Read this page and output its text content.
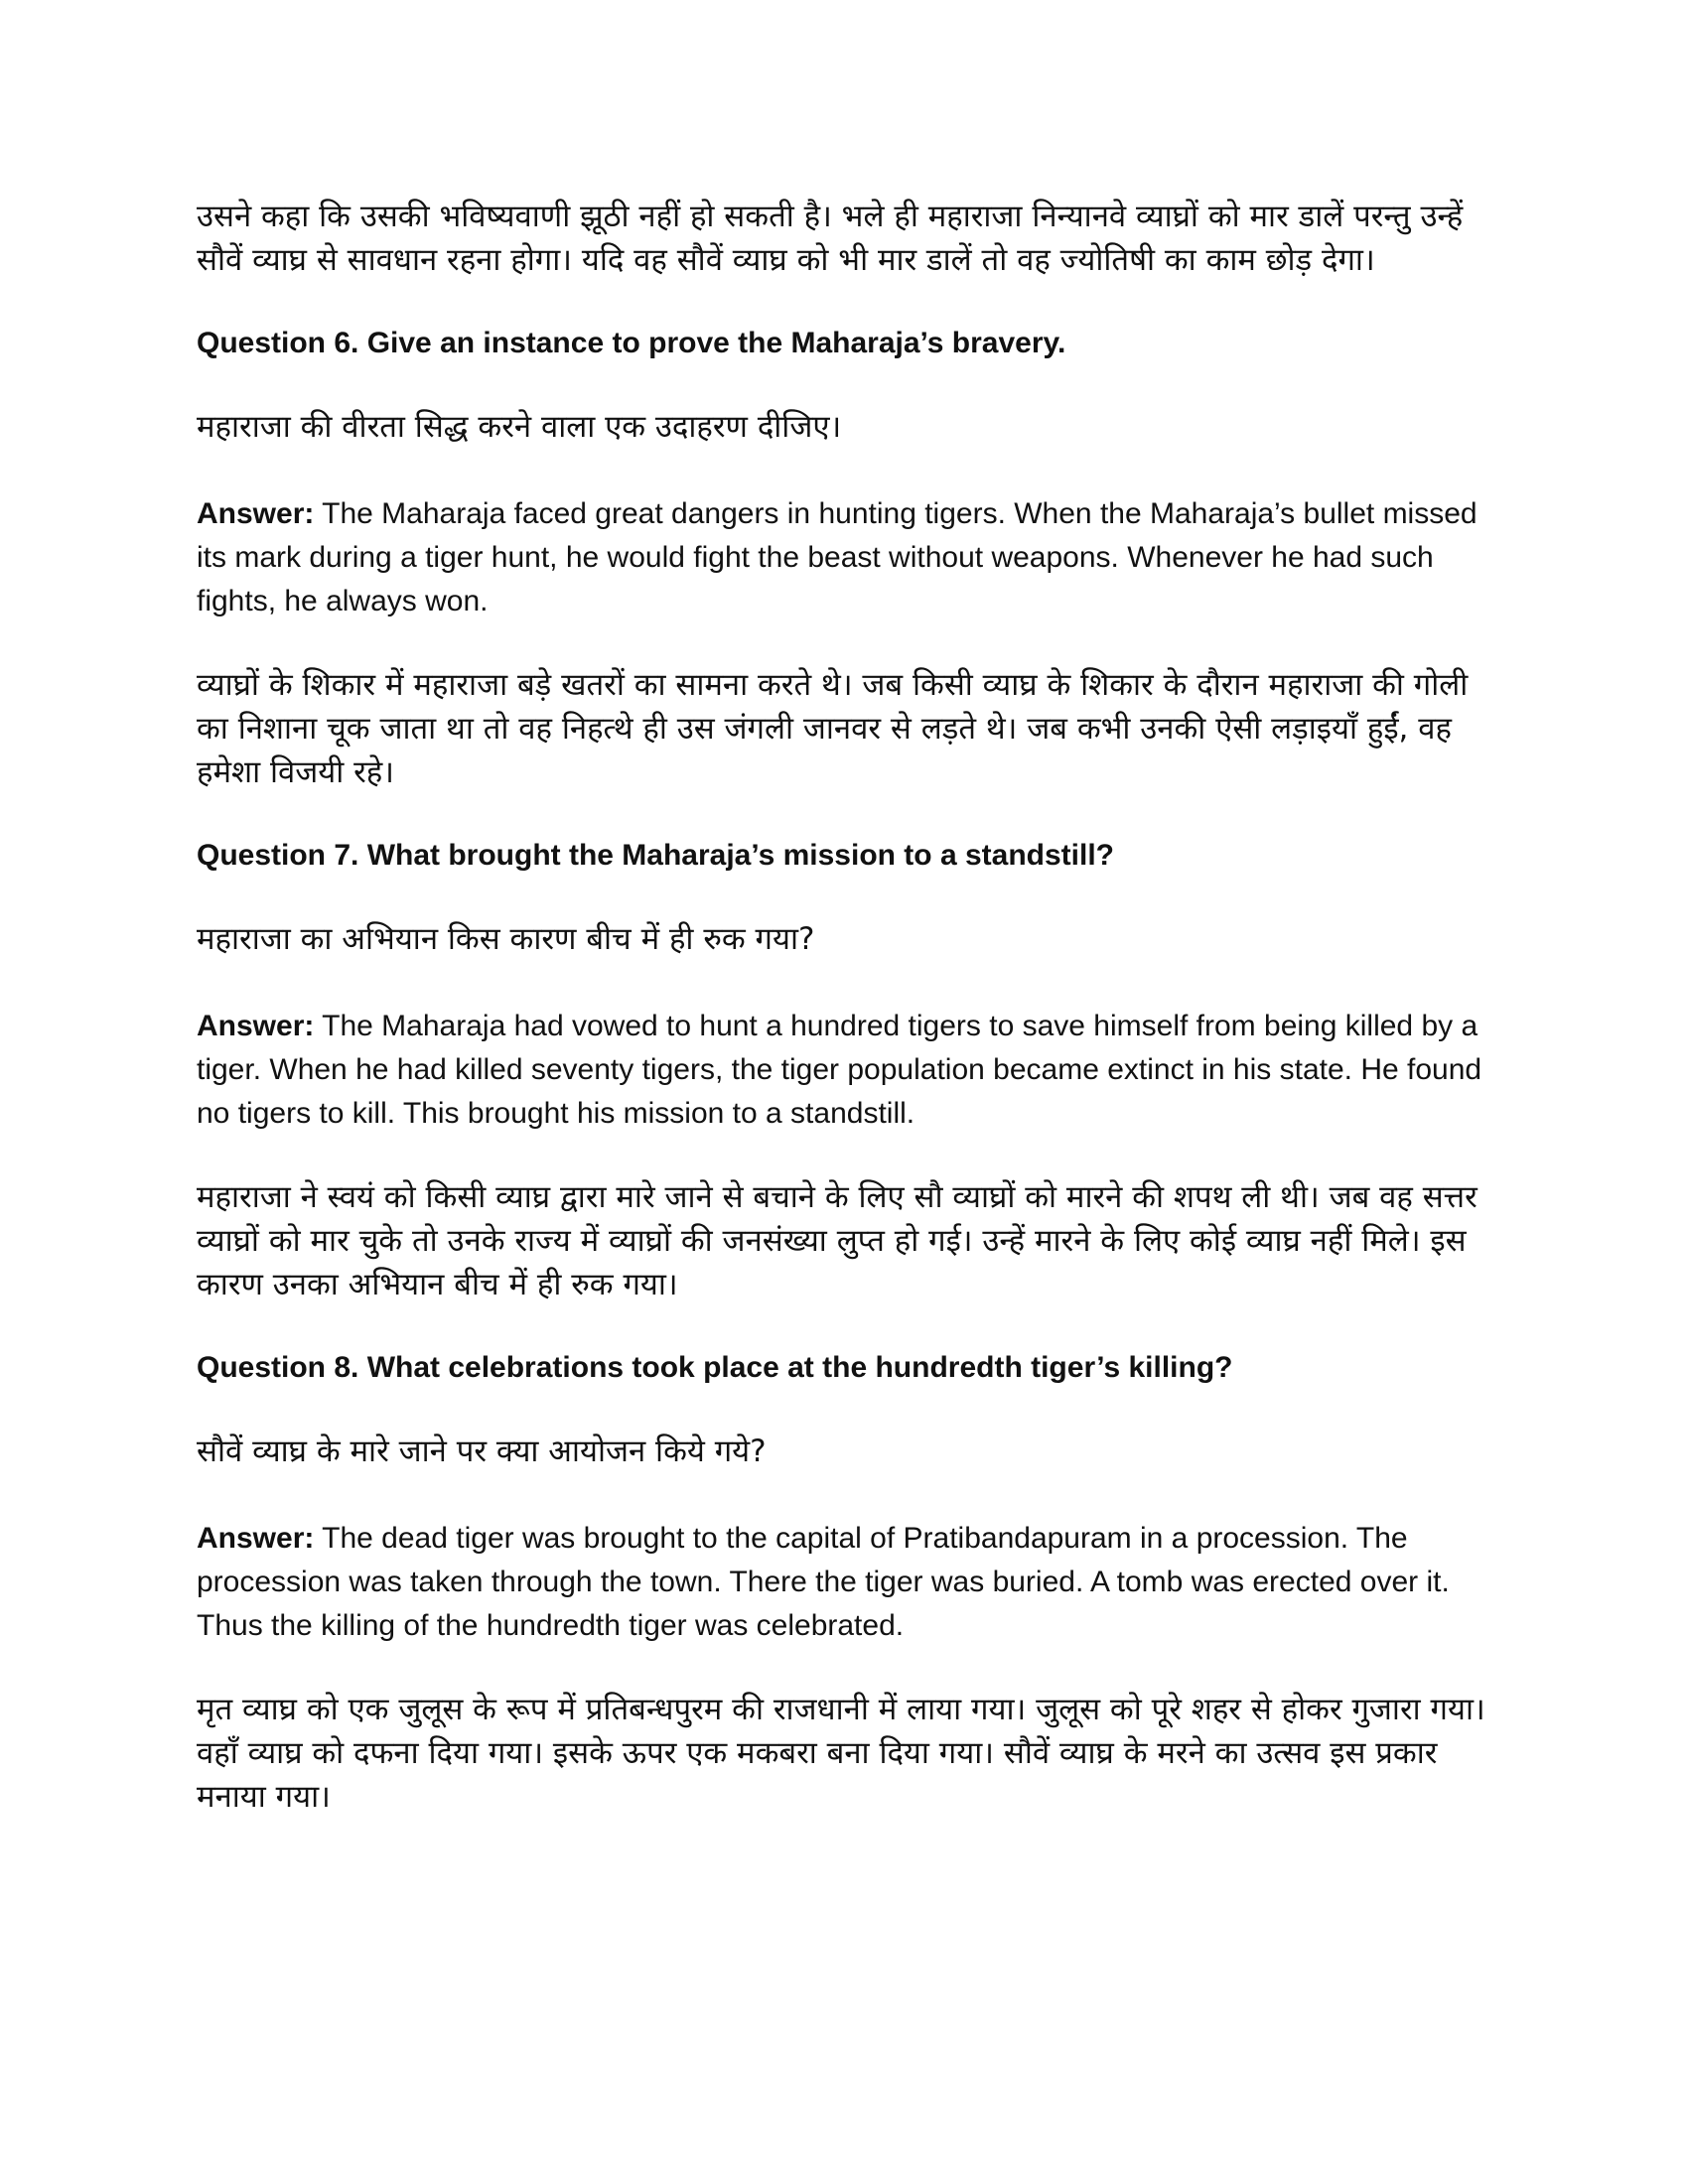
उसने कहा कि उसकी भविष्यवाणी झूठी नहीं हो सकती है। भले ही महाराजा निन्यानवे व्याघ्रों को मार डालें परन्तु उन्हें सौवें व्याघ्र से सावधान रहना होगा। यदि वह सौवें व्याघ्र को भी मार डालें तो वह ज्योतिषी का काम छोड़ देगा।

Question 6. Give an instance to prove the Maharaja’s bravery.

महाराजा की वीरता सिद्ध करने वाला एक उदाहरण दीजिए।

Answer: The Maharaja faced great dangers in hunting tigers. When the Maharaja’s bullet missed its mark during a tiger hunt, he would fight the beast without weapons. Whenever he had such fights, he always won.

व्याघ्रों के शिकार में महाराजा बड़े खतरों का सामना करते थे। जब किसी व्याघ्र के शिकार के दौरान महाराजा की गोली का निशाना चूक जाता था तो वह निहत्थे ही उस जंगली जानवर से लड़ते थे। जब कभी उनकी ऐसी लड़ाइयाँ हुईं, वह हमेशा विजयी रहे।

Question 7. What brought the Maharaja’s mission to a standstill?

महाराजा का अभियान किस कारण बीच में ही रुक गया?

Answer: The Maharaja had vowed to hunt a hundred tigers to save himself from being killed by a tiger. When he had killed seventy tigers, the tiger population became extinct in his state. He found no tigers to kill. This brought his mission to a standstill.

महाराजा ने स्वयं को किसी व्याघ्र द्वारा मारे जाने से बचाने के लिए सौ व्याघ्रों को मारने की शपथ ली थी। जब वह सत्तर व्याघ्रों को मार चुके तो उनके राज्य में व्याघ्रों की जनसंख्या लुप्त हो गई। उन्हें मारने के लिए कोई व्याघ्र नहीं मिले। इस कारण उनका अभियान बीच में ही रुक गया।

Question 8. What celebrations took place at the hundredth tiger’s killing?

सौवें व्याघ्र के मारे जाने पर क्या आयोजन किये गये?

Answer: The dead tiger was brought to the capital of Pratibandapuram in a procession. The procession was taken through the town. There the tiger was buried. A tomb was erected over it. Thus the killing of the hundredth tiger was celebrated.

मृत व्याघ्र को एक जुलूस के रूप में प्रतिबन्धपुरम की राजधानी में लाया गया। जुलूस को पूरे शहर से होकर गुजारा गया। वहाँ व्याघ्र को दफना दिया गया। इसके ऊपर एक मकबरा बना दिया गया। सौवें व्याघ्र के मरने का उत्सव इस प्रकार मनाया गया।
